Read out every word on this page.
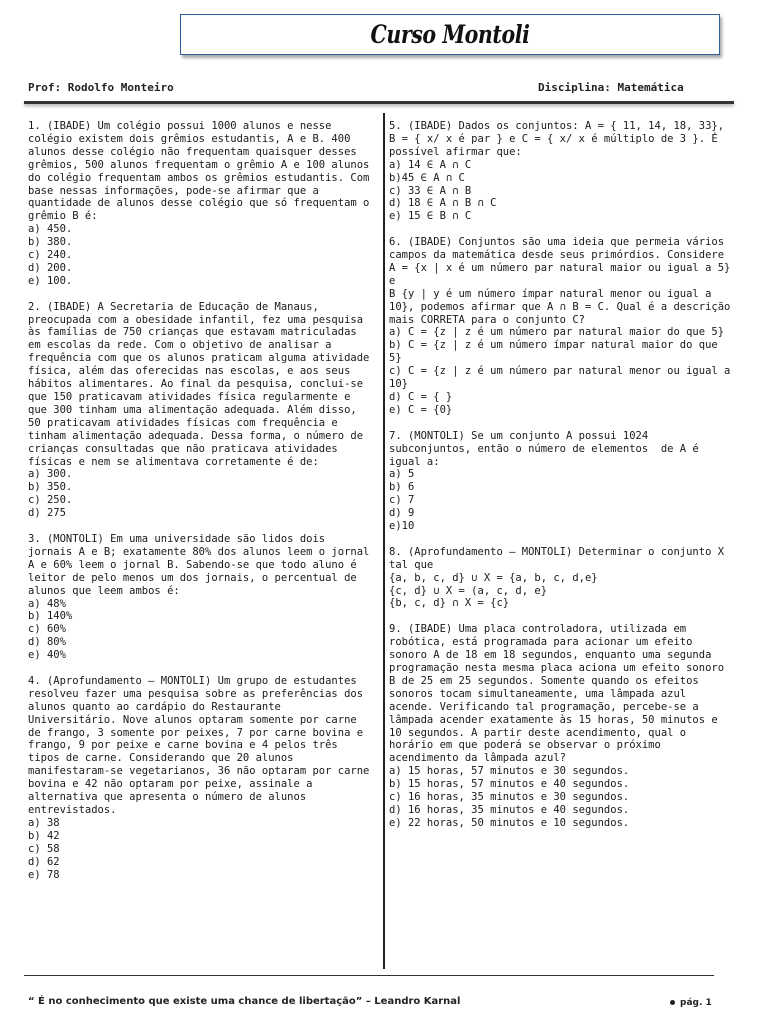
Curso Montoli
Prof: Rodolfo Monteiro	Disciplina: Matemática
1. (IBADE) Um colégio possui 1000 alunos e nesse
colégio existem dois grêmios estudantis, A e B. 400
alunos desse colégio não frequentam quaisquer desses
grêmios, 500 alunos frequentam o grêmio A e 100 alunos
do colégio frequentam ambos os grêmios estudantis. Com
base nessas informações, pode-se afirmar que a
quantidade de alunos desse colégio que só frequentam o
grêmio B é:
a) 450.
b) 380.
c) 240.
d) 200.
e) 100.
2. (IBADE) A Secretaria de Educação de Manaus,
preocupada com a obesidade infantil, fez uma pesquisa
às famílias de 750 crianças que estavam matriculadas
em escolas da rede. Com o objetivo de analisar a
frequência com que os alunos praticam alguma atividade
física, além das oferecidas nas escolas, e aos seus
hábitos alimentares. Ao final da pesquisa, conclui-se
que 150 praticavam atividades física regularmente e
que 300 tinham uma alimentação adequada. Além disso,
50 praticavam atividades físicas com frequência e
tinham alimentação adequada. Dessa forma, o número de
crianças consultadas que não praticava atividades
físicas e nem se alimentava corretamente é de:
a) 300.
b) 350.
c) 250.
d) 275
3. (MONTOLI) Em uma universidade são lidos dois
jornais A e B; exatamente 80% dos alunos leem o jornal
A e 60% leem o jornal B. Sabendo-se que todo aluno é
leitor de pelo menos um dos jornais, o percentual de
alunos que leem ambos é:
a) 48%
b) 140%
c) 60%
d) 80%
e) 40%
4. (Aprofundamento – MONTOLI) Um grupo de estudantes
resolveu fazer uma pesquisa sobre as preferências dos
alunos quanto ao cardápio do Restaurante
Universitário. Nove alunos optaram somente por carne
de frango, 3 somente por peixes, 7 por carne bovina e
frango, 9 por peixe e carne bovina e 4 pelos três
tipos de carne. Considerando que 20 alunos
manifestaram-se vegetarianos, 36 não optaram por carne
bovina e 42 não optaram por peixe, assinale a
alternativa que apresenta o número de alunos
entrevistados.
a) 38
b) 42
c) 58
d) 62
e) 78
5. (IBADE) Dados os conjuntos: A = { 11, 14, 18, 33},
B = { x/ x é par } e C = { x/ x é múltiplo de 3 }. É
possível afirmar que:
a) 14 ∈ A ∩ C
b)45 ∈ A ∩ C
c) 33 ∈ A ∩ B
d) 18 ∈ A ∩ B ∩ C
e) 15 ∈ B ∩ C
6. (IBADE) Conjuntos são uma ideia que permeia vários
campos da matemática desde seus primórdios. Considere
A = {x | x é um número par natural maior ou igual a 5}
e
B {y | y é um número ímpar natural menor ou igual a
10}, podemos afirmar que A ∩ B = C. Qual é a descrição
mais CORRETA para o conjunto C?
a) C = {z | z é um número par natural maior do que 5}
b) C = {z | z é um número ímpar natural maior do que
5}
c) C = {z | z é um número par natural menor ou igual a
10}
d) C = { }
e) C = {0}
7. (MONTOLI) Se um conjunto A possui 1024
subconjuntos, então o número de elementos  de A é
igual a:
a) 5
b) 6
c) 7
d) 9
e)10
8. (Aprofundamento – MONTOLI) Determinar o conjunto X
tal que
{a, b, c, d} ∪ X = {a, b, c, d,e}
{c, d} ∪ X = (a, c, d, e}
{b, c, d} ∩ X = {c}
9. (IBADE) Uma placa controladora, utilizada em
robótica, está programada para acionar um efeito
sonoro A de 18 em 18 segundos, enquanto uma segunda
programação nesta mesma placa aciona um efeito sonoro
B de 25 em 25 segundos. Somente quando os efeitos
sonoros tocam simultaneamente, uma lâmpada azul
acende. Verificando tal programação, percebe-se a
lâmpada acender exatamente às 15 horas, 50 minutos e
10 segundos. A partir deste acendimento, qual o
horário em que poderá se observar o próximo
acendimento da lâmpada azul?
a) 15 horas, 57 minutos e 30 segundos.
b) 15 horas, 57 minutos e 40 segundos.
c) 16 horas, 35 minutos e 30 segundos.
d) 16 horas, 35 minutos e 40 segundos.
e) 22 horas, 50 minutos e 10 segundos.
“ É no conhecimento que existe uma chance de libertação” – Leandro Karnal	pág. 1
